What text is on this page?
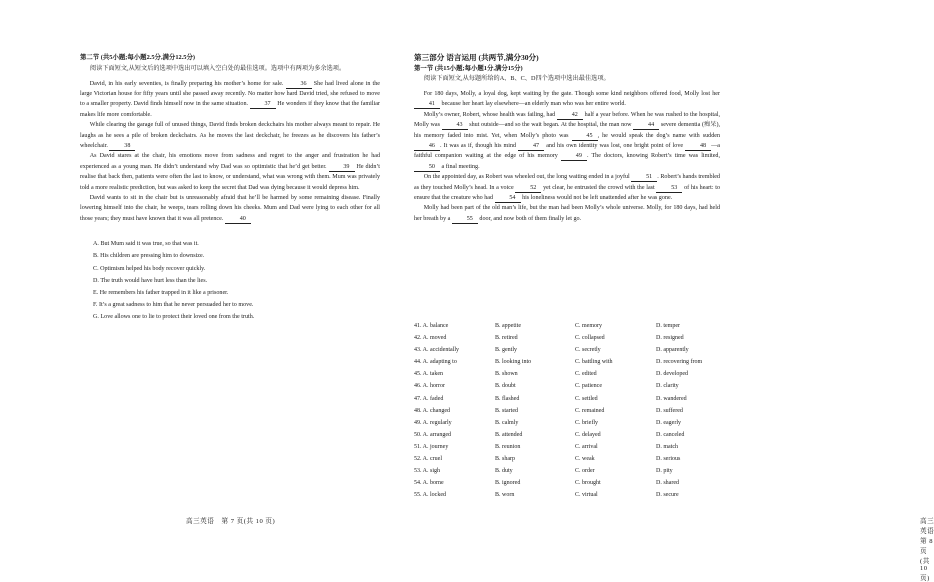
第二节 (共5小题;每小题2.5分,满分12.5分)

阅读下面短文,从短文后的选项中选出可以填入空白处的最佳选项。选项中有两项为多余选项。

David, in his early seventies, is finally preparing his mother’s home for sale. 36 She had lived alone in the large Victorian house for fifty years until she passed away recently. No matter how hard David tried, she refused to move to a smaller property. David finds himself now in the same situation. 37 He wonders if they know that the familiar makes life more comfortable.

While clearing the garage full of unused things, David finds broken deckchairs his mother always meant to repair. He laughs as he sees a pile of broken deckchairs. As he moves the last deckchair, he freezes as he discovers his father’s wheelchair. 38

As David stares at the chair, his emotions move from sadness and regret to the anger and frustration he had experienced as a young man. He didn’t understand why Dad was so optimistic that he’d get better. 39 He didn’t realise that back then, patients were often the last to know, or understand, what was wrong with them. Mum was privately told a more realistic prediction, but was asked to keep the secret that Dad was dying because it would depress him.

David wants to sit in the chair but is unreasonably afraid that he’ll be harmed by some remaining disease. Finally lowering himself into the chair, he weeps, tears rolling down his cheeks. Mum and Dad were lying to each other for all those years; they must have known that it was all pretence. 40

A. But Mum said it was true, so that was it.
B. His children are pressing him to downsize.
C. Optimism helped his body recover quickly.
D. The truth would have hurt less than the lies.
E. He remembers his father trapped in it like a prisoner.
F. It’s a great sadness to him that he never persuaded her to move.
G. Love allows one to lie to protect their loved one from the truth.
高三英语　第 7 页(共 10 页)	高三英语　第 8 页(共 10 页)
第三部分 语言运用 (共两节,满分30分)
第一节 (共15小题;每小题1分,满分15分)

阅读下面短文,从每题所给的A、B、C、D四个选项中选出最佳选项。

For 180 days, Molly, a loyal dog, kept waiting by the gate. Though some kind neighbors offered food, Molly lost her 41 because her heart lay elsewhere—an elderly man who was her entire world.

Molly’s owner, Robert, whose health was failing, had 42 half a year before. When he was rushed to the hospital, Molly was 43 shut outside—and so the wait began. At the hospital, the man now 44 severe dementia (痴呆), his memory faded into mist. Yet, when Molly’s photo was 45 , he would speak the dog’s name with sudden 46 . It was as if, though his mind 47 and his own identity was lost, one bright point of love 48 —a faithful companion waiting at the edge of his memory 49 . The doctors, knowing Robert’s time was limited, 50 a final meeting.

On the appointed day, as Robert was wheeled out, the long waiting ended in a joyful 51 . Robert’s hands trembled as they touched Molly’s head. In a voice 52 yet clear, he entrusted the crowd with the last 53 of his heart: to ensure that the creature who had 54 his loneliness would not be left unattended after he was gone.

Molly had been part of the old man’s life, but the man had been Molly’s whole universe. Molly, for 180 days, had held her breath by a 55 door, and now both of them finally let go.

41. A. balance	B. appetite	C. memory	D. temper
42. A. moved	B. retired	C. collapsed	D. resigned
43. A. accidentally	B. gently	C. secretly	D. apparently
44. A. adapting to	B. looking into	C. battling with	D. recovering from
45. A. taken	B. shown	C. edited	D. developed
46. A. horror	B. doubt	C. patience	D. clarity
47. A. faded	B. flashed	C. settled	D. wandered
48. A. changed	B. started	C. remained	D. suffered
49. A. regularly	B. calmly	C. briefly	D. eagerly
50. A. arranged	B. attended	C. delayed	D. canceled
51. A. journey	B. reunion	C. arrival	D. match
52. A. cruel	B. sharp	C. weak	D. serious
53. A. sigh	B. duty	C. order	D. pity
54. A. borne	B. ignored	C. brought	D. shared
55. A. locked	B. worn	C. virtual	D. secure
